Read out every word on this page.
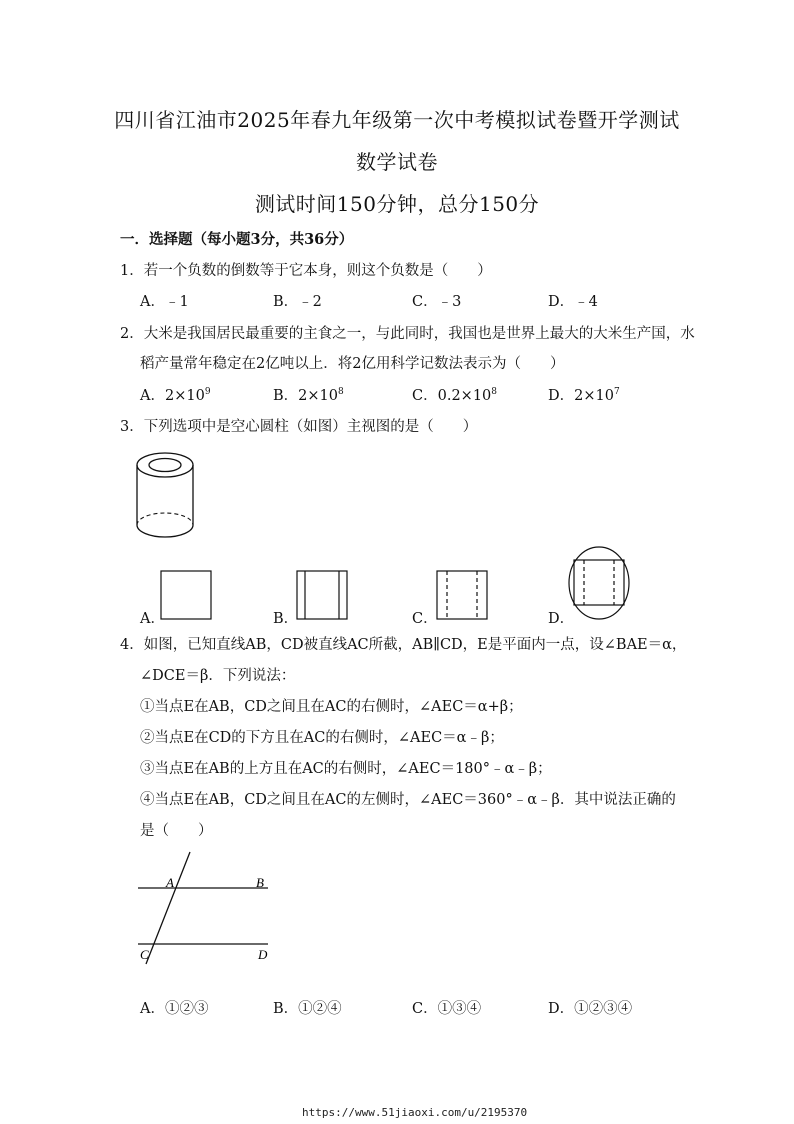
四川省江油市2025年春九年级第一次中考模拟试卷暨开学测试
数学试卷
测试时间150分钟，总分150分
一．选择题（每小题3分，共36分）
1．若一个负数的倒数等于它本身，则这个负数是（　　）
A．﹣1	B．﹣2	C．﹣3	D．﹣4
2．大米是我国居民最重要的主食之一，与此同时，我国也是世界上最大的大米生产国，水
稻产量常年稳定在2亿吨以上．将2亿用科学记数法表示为（　　）
A．$2\times 10^9$	B．$2\times 10^8$	C．$0.2\times 10^8$	D．$2\times 10^7$
3．下列选项中是空心圆柱（如图）主视图的是（　　）
A．	B．	C．	D．
4．如图，已知直线AB，CD被直线AC所截，AB∥CD，E是平面内一点，设∠BAE＝α，
∠DCE＝β．下列说法：
①当点E在AB，CD之间且在AC的右侧时，∠AEC＝α+β；
②当点E在CD的下方且在AC的右侧时，∠AEC＝α﹣β；
③当点E在AB的上方且在AC的右侧时，∠AEC＝180°﹣α﹣β；
④当点E在AB，CD之间且在AC的左侧时，∠AEC＝360°﹣α﹣β．其中说法正确的
是（　　）
A	B
C	D
A．①②③	B．①②④	C．①③④	D．①②③④
https://www.51jiaoxi.com/u/2195370
